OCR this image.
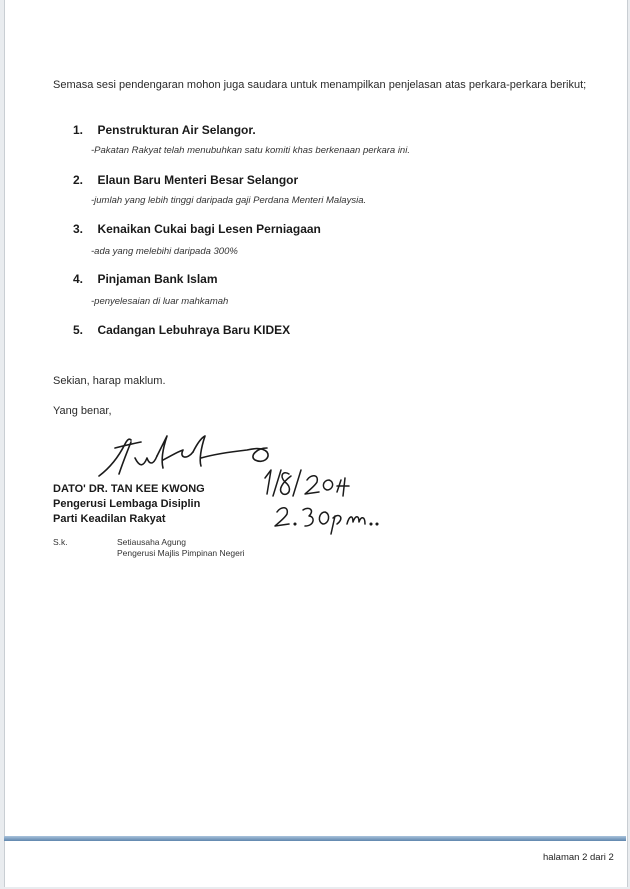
Semasa sesi pendengaran mohon juga saudara untuk menampilkan penjelasan atas perkara-perkara berikut;
1. Penstrukturan Air Selangor.
-Pakatan Rakyat telah menubuhkan satu komiti khas berkenaan perkara ini.
2. Elaun Baru Menteri Besar Selangor
-jumlah yang lebih tinggi daripada gaji Perdana Menteri Malaysia.
3. Kenaikan Cukai bagi Lesen Perniagaan
-ada yang melebihi daripada 300%
4. Pinjaman Bank Islam
-penyelesaian di luar mahkamah
5. Cadangan Lebuhraya Baru KIDEX
Sekian, harap maklum.
Yang benar,
DATO' DR. TAN KEE KWONG
Pengerusi Lembaga Disiplin
Parti Keadilan Rakyat
S.k.	Setiausaha Agung
Pengerusi Majlis Pimpinan Negeri
halaman 2 dari 2
